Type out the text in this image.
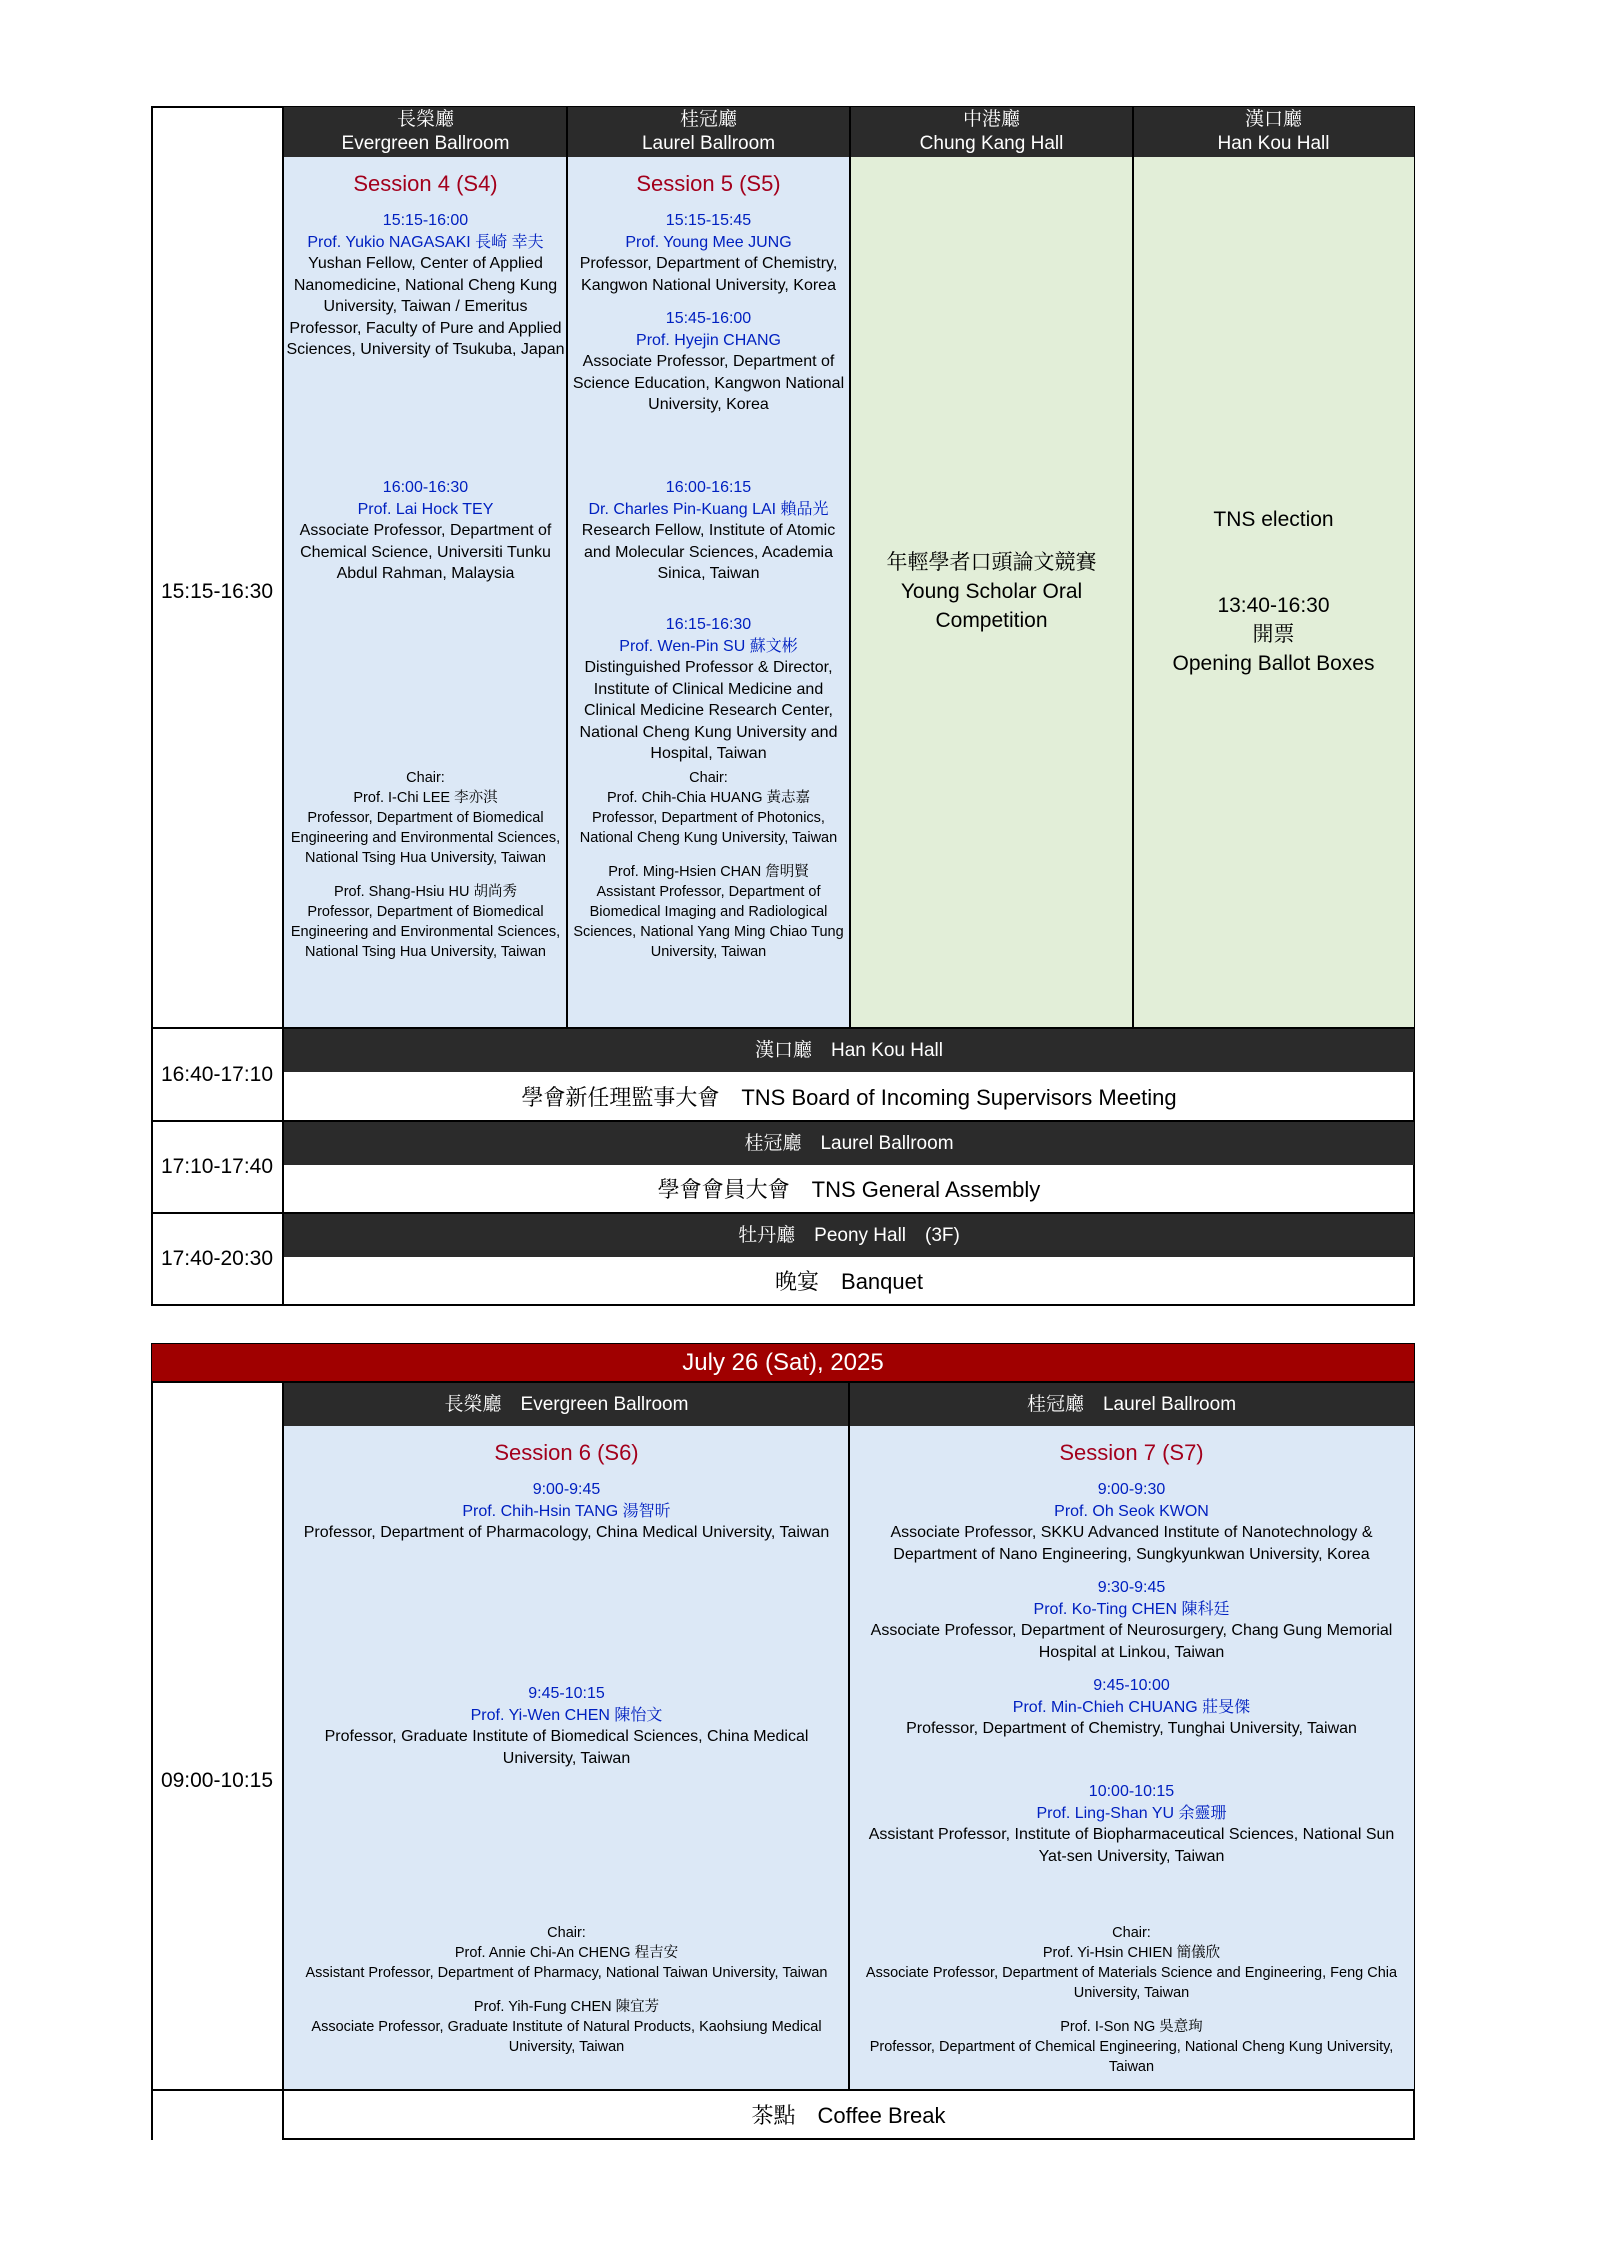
長榮廳
Evergreen Ballroom
桂冠廳
Laurel Ballroom
中港廳
Chung Kang Hall
漢口廳
Han Kou Hall
15:15-16:30
Session 4 (S4)
15:15-16:00
Prof. Yukio NAGASAKI 長崎 幸夫
Yushan Fellow, Center of Applied Nanomedicine, National Cheng Kung University, Taiwan / Emeritus Professor, Faculty of Pure and Applied Sciences, University of Tsukuba, Japan
16:00-16:30
Prof. Lai Hock TEY
Associate Professor, Department of Chemical Science, Universiti Tunku Abdul Rahman, Malaysia
Chair:
Prof. I-Chi LEE 李亦淇
Professor, Department of Biomedical Engineering and Environmental Sciences, National Tsing Hua University, Taiwan
Prof. Shang-Hsiu HU 胡尚秀
Professor, Department of Biomedical Engineering and Environmental Sciences, National Tsing Hua University, Taiwan
Session 5 (S5)
15:15-15:45
Prof. Young Mee JUNG
Professor, Department of Chemistry, Kangwon National University, Korea
15:45-16:00
Prof. Hyejin CHANG
Associate Professor, Department of Science Education, Kangwon National University, Korea
16:00-16:15
Dr. Charles Pin-Kuang LAI 賴品光
Research Fellow, Institute of Atomic and Molecular Sciences, Academia Sinica, Taiwan
16:15-16:30
Prof. Wen-Pin SU 蘇文彬
Distinguished Professor & Director, Institute of Clinical Medicine and Clinical Medicine Research Center, National Cheng Kung University and Hospital, Taiwan
Chair:
Prof. Chih-Chia HUANG 黃志嘉
Professor, Department of Photonics, National Cheng Kung University, Taiwan
Prof. Ming-Hsien CHAN 詹明賢
Assistant Professor, Department of Biomedical Imaging and Radiological Sciences, National Yang Ming Chiao Tung University, Taiwan
年輕學者口頭論文競賽
Young Scholar Oral
Competition
TNS election
13:40-16:30
開票
Opening Ballot Boxes
16:40-17:10
漢口廳　Han Kou Hall
學會新任理監事大會　TNS Board of Incoming Supervisors Meeting
17:10-17:40
桂冠廳　Laurel Ballroom
學會會員大會　TNS General Assembly
17:40-20:30
牡丹廳　Peony Hall　(3F)
晚宴　Banquet
July 26 (Sat), 2025
長榮廳　Evergreen Ballroom	桂冠廳　Laurel Ballroom
09:00-10:15
Session 6 (S6)
9:00-9:45
Prof. Chih-Hsin TANG 湯智昕
Professor, Department of Pharmacology, China Medical University, Taiwan
9:45-10:15
Prof. Yi-Wen CHEN 陳怡文
Professor, Graduate Institute of Biomedical Sciences, China Medical University, Taiwan
Chair:
Prof. Annie Chi-An CHENG 程吉安
Assistant Professor, Department of Pharmacy, National Taiwan University, Taiwan
Prof. Yih-Fung CHEN 陳宜芳
Associate Professor, Graduate Institute of Natural Products, Kaohsiung Medical University, Taiwan
Session 7 (S7)
9:00-9:30
Prof. Oh Seok KWON
Associate Professor, SKKU Advanced Institute of Nanotechnology & Department of Nano Engineering, Sungkyunkwan University, Korea
9:30-9:45
Prof. Ko-Ting CHEN 陳科廷
Associate Professor, Department of Neurosurgery, Chang Gung Memorial Hospital at Linkou, Taiwan
9:45-10:00
Prof. Min-Chieh CHUANG 莊旻傑
Professor, Department of Chemistry, Tunghai University, Taiwan
10:00-10:15
Prof. Ling-Shan YU 余靈珊
Assistant Professor, Institute of Biopharmaceutical Sciences, National Sun Yat-sen University, Taiwan
Chair:
Prof. Yi-Hsin CHIEN 簡儀欣
Associate Professor, Department of Materials Science and Engineering, Feng Chia University, Taiwan
Prof. I-Son NG 吳意珣
Professor, Department of Chemical Engineering, National Cheng Kung University, Taiwan
茶點　Coffee Break
